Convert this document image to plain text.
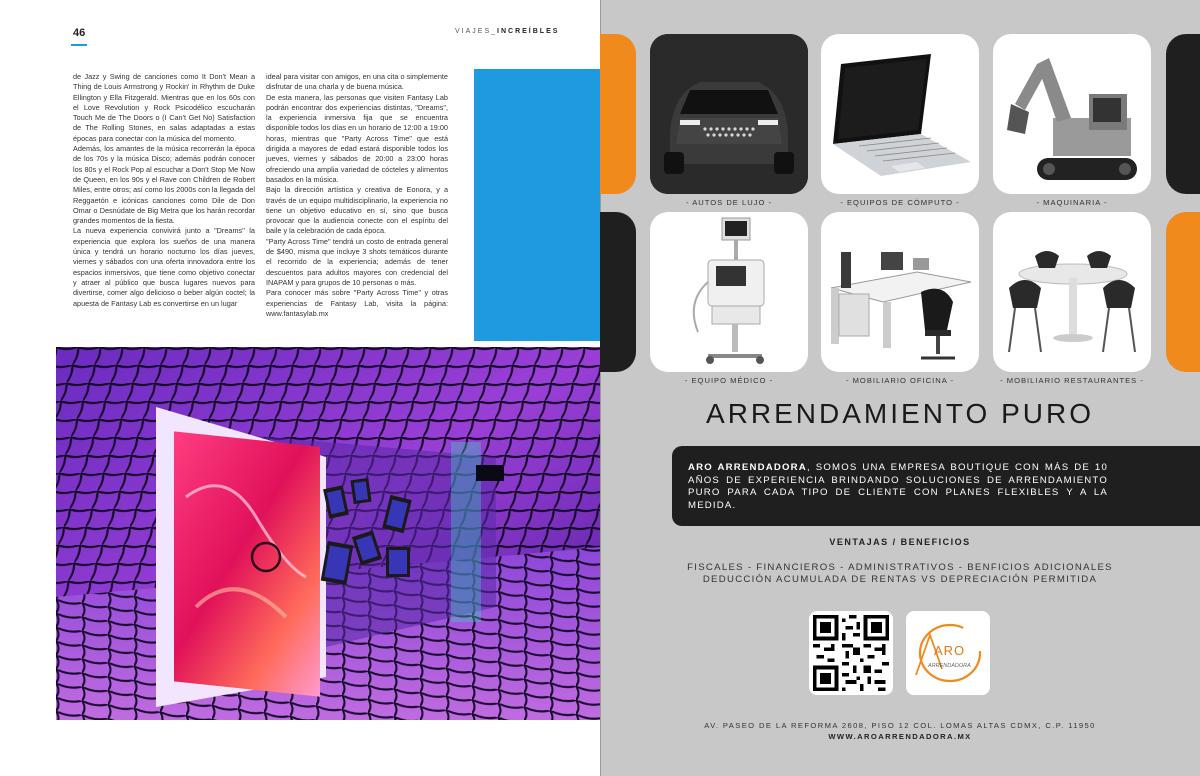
46	VIAJES_INCREÍBLES

de Jazz y Swing de canciones como It Don't Mean a Thing de Louis Armstrong y Rockin' in Rhythm de Duke Ellington y Ella Fitzgerald. Mientras que en los 60s con el Love Revolution y Rock Psicodélico escucharán Touch Me de The Doors o (I Can't Get No) Satisfaction de The Rolling Stones, en salas adaptadas a estas épocas para conectar con la música del momento.

Además, los amantes de la música recorrerán la época de los 70s y la música Disco; además podrán conocer los 80s y el Rock Pop al escuchar a Don't Stop Me Now de Queen, en los 90s y el Rave con Children de Robert Miles, entre otros; así como los 2000s con la llegada del Reggaetón e icónicas canciones como Dile de Don Omar o Desnúdate de Big Metra que los harán recordar grandes momentos de la fiesta.

La nueva experiencia convivirá junto a "Dreams" la experiencia que explora los sueños de una manera única y tendrá un horario nocturno los días jueves, viernes y sábados con una oferta innovadora entre los espacios inmersivos, que tiene como objetivo conectar y atraer al público que busca lugares nuevos para divertirse, comer algo delicioso o beber algún coctel; la apuesta de Fantasy Lab es convertirse en un lugar

ideal para visitar con amigos, en una cita o simplemente disfrutar de una charla y de buena música.

De esta manera, las personas que visiten Fantasy Lab podrán encontrar dos experiencias distintas, "Dreams", la experiencia inmersiva fija que se encuentra disponible todos los días en un horario de 12:00 a 19:00 horas, mientras que "Party Across Time" que está dirigida a mayores de edad estará disponible todos los jueves, viernes y sábados de 20:00 a 23:00 horas ofreciendo una amplia variedad de cócteles y alimentos basados en la música.

Bajo la dirección artística y creativa de Eonora, y a través de un equipo multidisciplinario, la experiencia no tiene un objetivo educativo en sí, sino que busca provocar que la audiencia conecte con el espíritu del baile y la celebración de cada época.

"Party Across Time" tendrá un costo de entrada general de $490, misma que incluye 3 shots temáticos durante el recorrido de la experiencia; además de tener descuentos para adultos mayores con credencial del INAPAM y para grupos de 10 personas o más.

Para conocer más sobre "Party Across Time" y otras experiencias de Fantasy Lab, visita la página: www.fantasylab.mx

- AUTOS DE LUJO -	- EQUIPOS DE CÓMPUTO -	- MAQUINARIA -
- EQUIPO MÉDICO -	- MOBILIARIO OFICINA -	- MOBILIARIO RESTAURANTES -
ARRENDAMIENTO PURO
ARO ARRENDADORA, SOMOS UNA EMPRESA BOUTIQUE CON MÁS DE 10 AÑOS DE EXPERIENCIA BRINDANDO SOLUCIONES DE ARRENDAMIENTO PURO PARA CADA TIPO DE CLIENTE CON PLANES FLEXIBLES Y A LA MEDIDA.
VENTAJAS / BENEFICIOS
FISCALES - FINANCIEROS - ADMINISTRATIVOS - BENFICIOS ADICIONALES
DEDUCCIÓN ACUMULADA DE RENTAS VS DEPRECIACIÓN PERMITIDA
ARO
ARRENDADORA
AV. PASEO DE LA REFORMA 2608, PISO 12 COL. LOMAS ALTAS CDMX, C.P. 11950
WWW.AROARRENDADORA.MX
